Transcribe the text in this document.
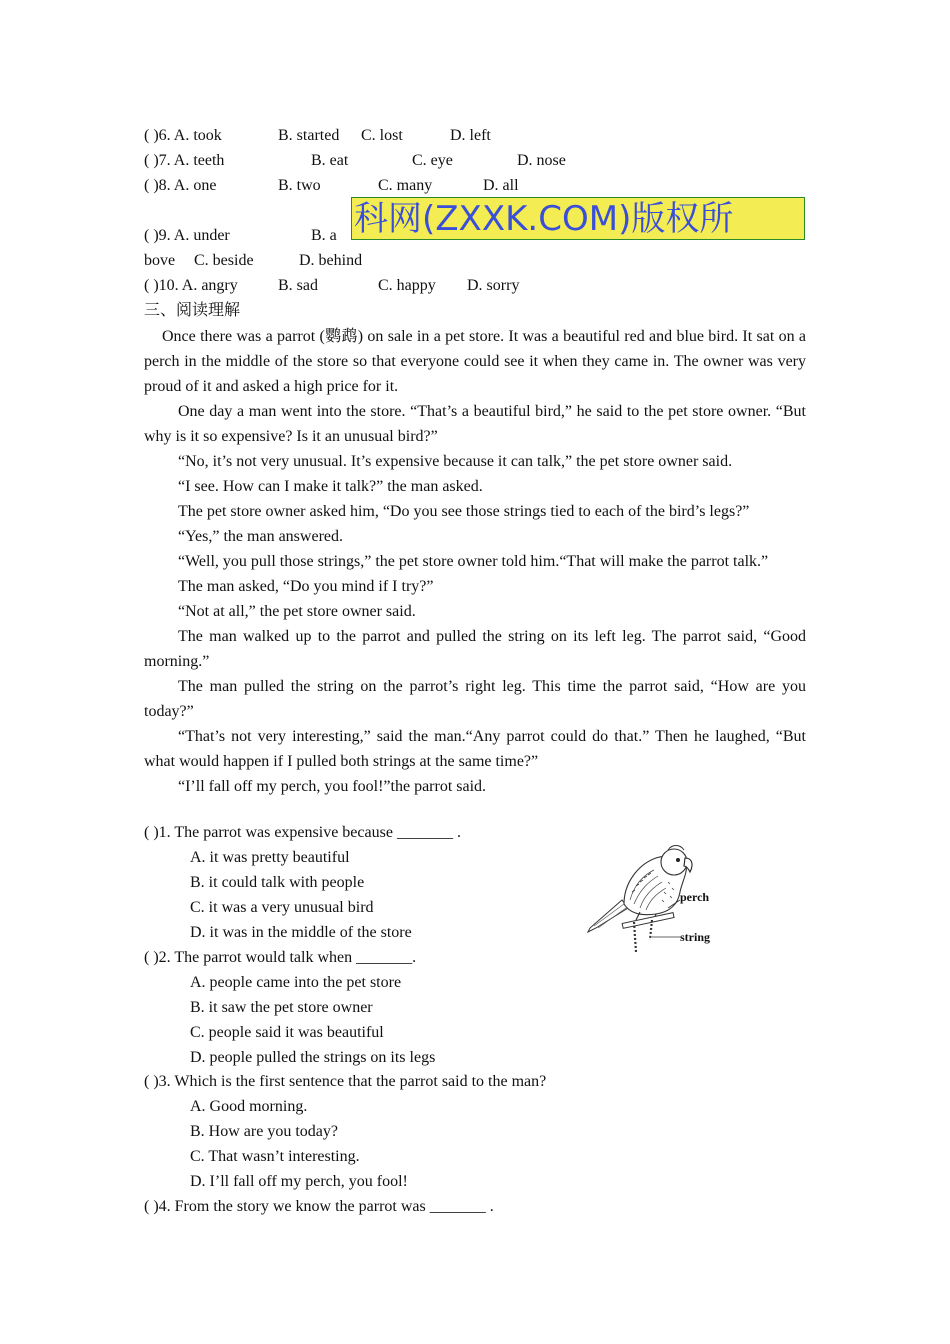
( )6. A. took	B. started C. lost	D. left
( )7. A. teeth	B. eat	C. eye	D. nose
( )8. A. one	B. two	C. many	D. all
( )9. A. under	B. a
bove C. beside	D. behind
科网(ZXXK.COM)版权所
( )10. A. angry	B. sad	C. happy D. sorry
三、阅读理解

Once there was a parrot (鹦鹉) on sale in a pet store. It was a beautiful red and blue bird. It sat on a perch in the middle of the store so that everyone could see it when they came in. The owner was very proud of it and asked a high price for it.

One day a man went into the store. “That’s a beautiful bird,” he said to the pet store owner. “But why is it so expensive? Is it an unusual bird?”

“No, it’s not very unusual. It’s expensive because it can talk,” the pet store owner said.

“I see. How can I make it talk?” the man asked.

The pet store owner asked him, “Do you see those strings tied to each of the bird’s legs?”

“Yes,” the man answered.

“Well, you pull those strings,” the pet store owner told him.“That will make the parrot talk.”

The man asked, “Do you mind if I try?”

“Not at all,” the pet store owner said.

The man walked up to the parrot and pulled the string on its left leg. The parrot said, “Good morning.”

The man pulled the string on the parrot’s right leg. This time the parrot said, “How are you today?”

“That’s not very interesting,” said the man.“Any parrot could do that.” Then he laughed, “But what would happen if I pulled both strings at the same time?”

“I’ll fall off my perch, you fool!”the parrot said.

( )1. The parrot was expensive because _______ .
A. it was pretty beautiful
B. it could talk with people
C. it was a very unusual bird
D. it was in the middle of the store
( )2. The parrot would talk when _______.
A. people came into the pet store
B. it saw the pet store owner
C. people said it was beautiful
D. people pulled the strings on its legs
( )3. Which is the first sentence that the parrot said to the man?
A. Good morning.
B. How are you today?
C. That wasn’t interesting.
D. I’ll fall off my perch, you fool!
( )4. From the story we know the parrot was _______ .
perch
string
